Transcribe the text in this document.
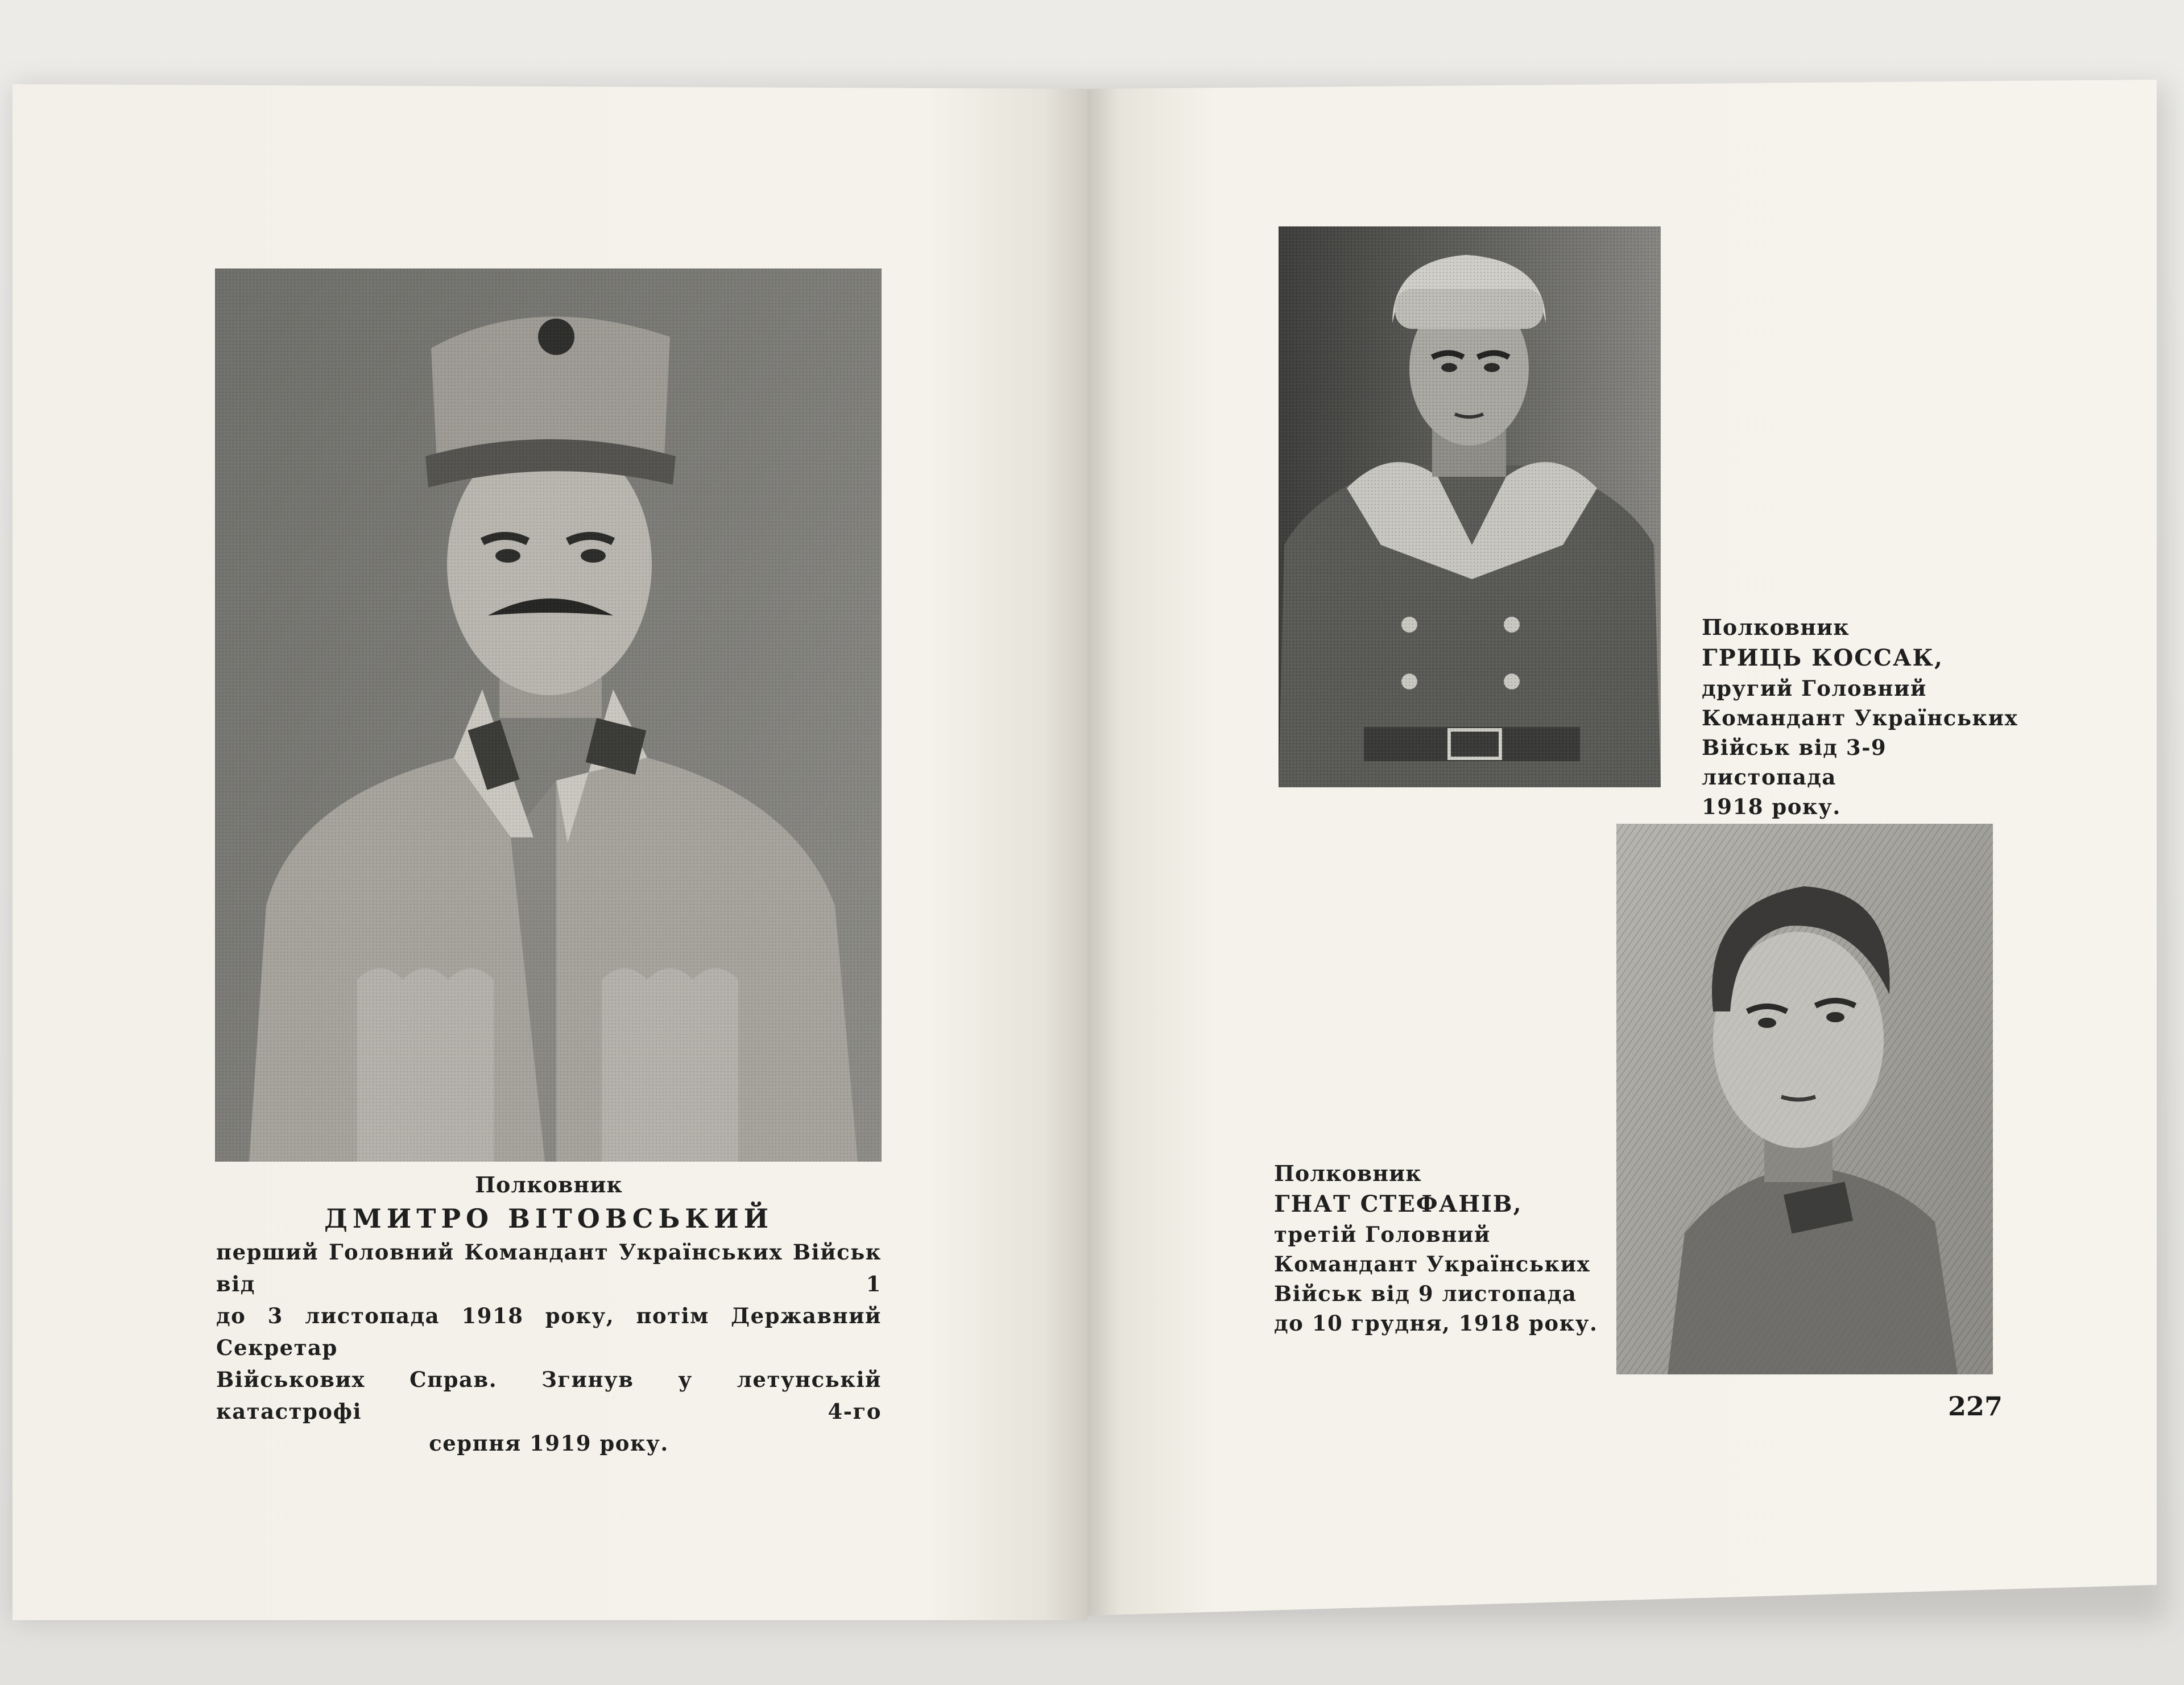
Полковник
ДМИТРО ВІТОВСЬКИЙ
перший Головний Командант Українських Військ від 1
до 3 листопада 1918 року, потім Державний Секретар
Військових Справ. Згинув у летунській катастрофі 4-го
серпня 1919 року.
Полковник
ГРИЦЬ КОССАК,
другий Головний
Командант Українських
Військ від 3-9 листопада
1918 року.
Полковник
ГНАТ СТЕФАНІВ,
третій Головний
Командант Українських
Військ від 9 листопада
до 10 грудня, 1918 року.
227
